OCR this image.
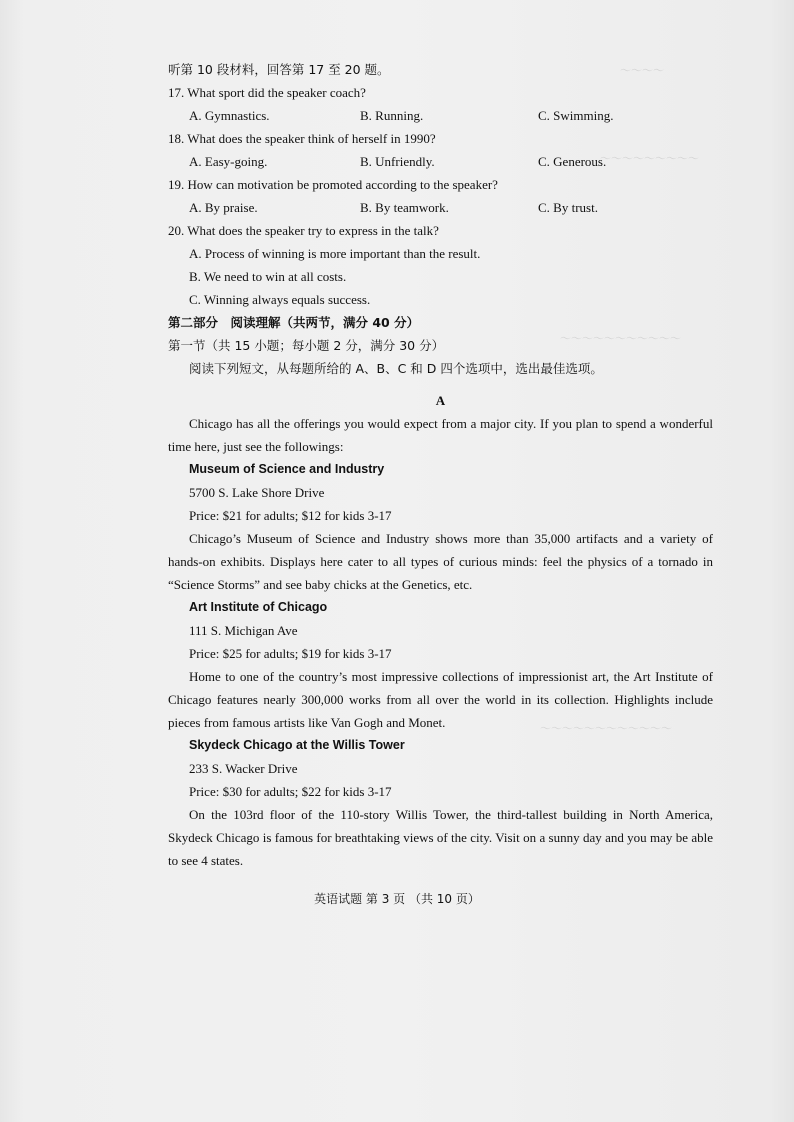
～～～～
～～～～～～～～～
～～～～～～～～～～～
～～～～～～～～～～～～
听第 10 段材料，回答第 17 至 20 题。
17. What sport did the speaker coach?
A. Gymnastics.	B. Running.	C. Swimming.
18. What does the speaker think of herself in 1990?
A. Easy-going.	B. Unfriendly.	C. Generous.
19. How can motivation be promoted according to the speaker?
A. By praise.	B. By teamwork.	C. By trust.
20. What does the speaker try to express in the talk?
A. Process of winning is more important than the result.
B. We need to win at all costs.
C. Winning always equals success.
第二部分　阅读理解（共两节，满分 40 分）
第一节（共 15 小题；每小题 2 分，满分 30 分）
阅读下列短文，从每题所给的 A、B、C 和 D 四个选项中，选出最佳选项。
A
Chicago has all the offerings you would expect from a major city. If you plan to spend a wonderful time here, just see the followings:
Museum of Science and Industry
5700 S. Lake Shore Drive
Price: $21 for adults; $12 for kids 3-17
Chicago’s Museum of Science and Industry shows more than 35,000 artifacts and a variety of hands-on exhibits. Displays here cater to all types of curious minds: feel the physics of a tornado in “Science Storms” and see baby chicks at the Genetics, etc.
Art Institute of Chicago
111 S. Michigan Ave
Price: $25 for adults; $19 for kids 3-17
Home to one of the country’s most impressive collections of impressionist art, the Art Institute of Chicago features nearly 300,000 works from all over the world in its collection. Highlights include pieces from famous artists like Van Gogh and Monet.
Skydeck Chicago at the Willis Tower
233 S. Wacker Drive
Price: $30 for adults; $22 for kids 3-17
On the 103rd floor of the 110-story Willis Tower, the third-tallest building in North America, Skydeck Chicago is famous for breathtaking views of the city. Visit on a sunny day and you may be able to see 4 states.
英语试题 第 3 页 （共 10 页）
